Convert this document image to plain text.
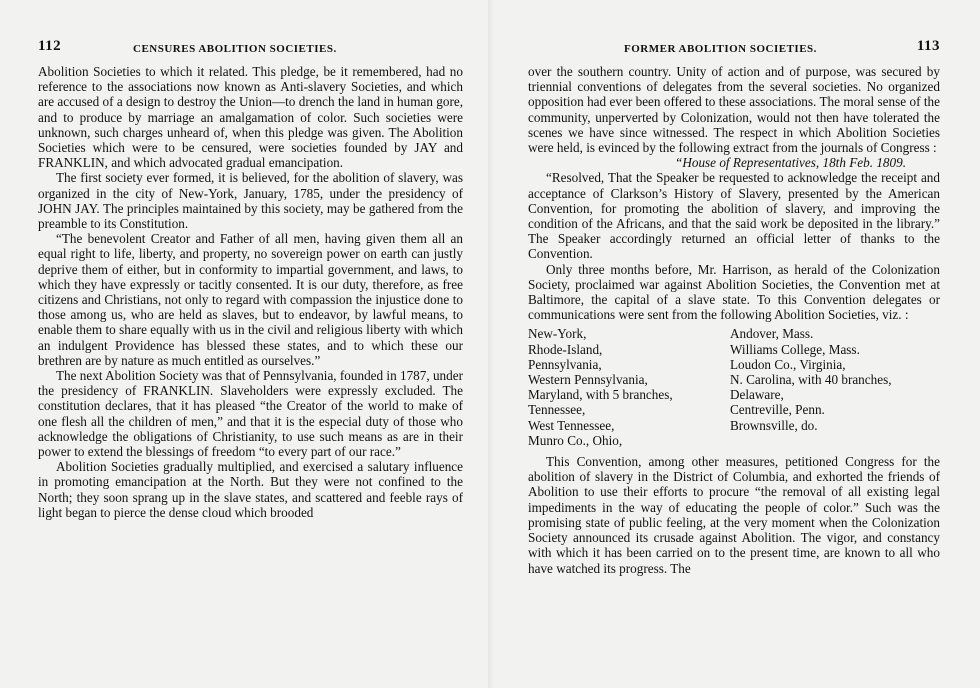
112	CENSURES ABOLITION SOCIETIES.

Abolition Societies to which it related. This pledge, be it remembered, had no reference to the associations now known as Anti-slavery Societies, and which are accused of a design to destroy the Union—to drench the land in human gore, and to produce by marriage an amalgamation of color. Such societies were unknown, such charges unheard of, when this pledge was given. The Abolition Societies which were to be censured, were societies founded by JAY and FRANKLIN, and which advocated gradual emancipation.

The first society ever formed, it is believed, for the abolition of slavery, was organized in the city of New-York, January, 1785, under the presidency of JOHN JAY. The principles maintained by this society, may be gathered from the preamble to its Constitution.

“The benevolent Creator and Father of all men, having given them all an equal right to life, liberty, and property, no sovereign power on earth can justly deprive them of either, but in conformity to impartial government, and laws, to which they have expressly or tacitly consented. It is our duty, therefore, as free citizens and Christians, not only to regard with compassion the injustice done to those among us, who are held as slaves, but to endeavor, by lawful means, to enable them to share equally with us in the civil and religious liberty with which an indulgent Providence has blessed these states, and to which these our brethren are by nature as much entitled as ourselves.”

The next Abolition Society was that of Pennsylvania, founded in 1787, under the presidency of FRANKLIN. Slaveholders were expressly excluded. The constitution declares, that it has pleased “the Creator of the world to make of one flesh all the children of men,” and that it is the especial duty of those who acknowledge the obligations of Christianity, to use such means as are in their power to extend the blessings of freedom “to every part of our race.”

Abolition Societies gradually multiplied, and exercised a salutary influence in promoting emancipation at the North. But they were not confined to the North; they soon sprang up in the slave states, and scattered and feeble rays of light began to pierce the dense cloud which brooded

FORMER ABOLITION SOCIETIES.	113

over the southern country. Unity of action and of purpose, was secured by triennial conventions of delegates from the several societies. No organized opposition had ever been offered to these associations. The moral sense of the community, unperverted by Colonization, would not then have tolerated the scenes we have since witnessed. The respect in which Abolition Societies were held, is evinced by the following extract from the journals of Congress :

“House of Representatives, 18th Feb. 1809.

“Resolved, That the Speaker be requested to acknowledge the receipt and acceptance of Clarkson’s History of Slavery, presented by the American Convention, for promoting the abolition of slavery, and improving the condition of the Africans, and that the said work be deposited in the library.” The Speaker accordingly returned an official letter of thanks to the Convention.

Only three months before, Mr. Harrison, as herald of the Colonization Society, proclaimed war against Abolition Societies, the Convention met at Baltimore, the capital of a slave state. To this Convention delegates or communications were sent from the following Abolition Societies, viz. :

New-York,	Andover, Mass.
Rhode-Island,	Williams College, Mass.
Pennsylvania,	Loudon Co., Virginia,
Western Pennsylvania,	N. Carolina, with 40 branches,
Maryland, with 5 branches,	Delaware,
Tennessee,	Centreville, Penn.
West Tennessee,	Brownsville, do.
Munro Co., Ohio,

This Convention, among other measures, petitioned Congress for the abolition of slavery in the District of Columbia, and exhorted the friends of Abolition to use their efforts to procure “the removal of all existing legal impediments in the way of educating the people of color.” Such was the promising state of public feeling, at the very moment when the Colonization Society announced its crusade against Abolition. The vigor, and constancy with which it has been carried on to the present time, are known to all who have watched its progress. The
